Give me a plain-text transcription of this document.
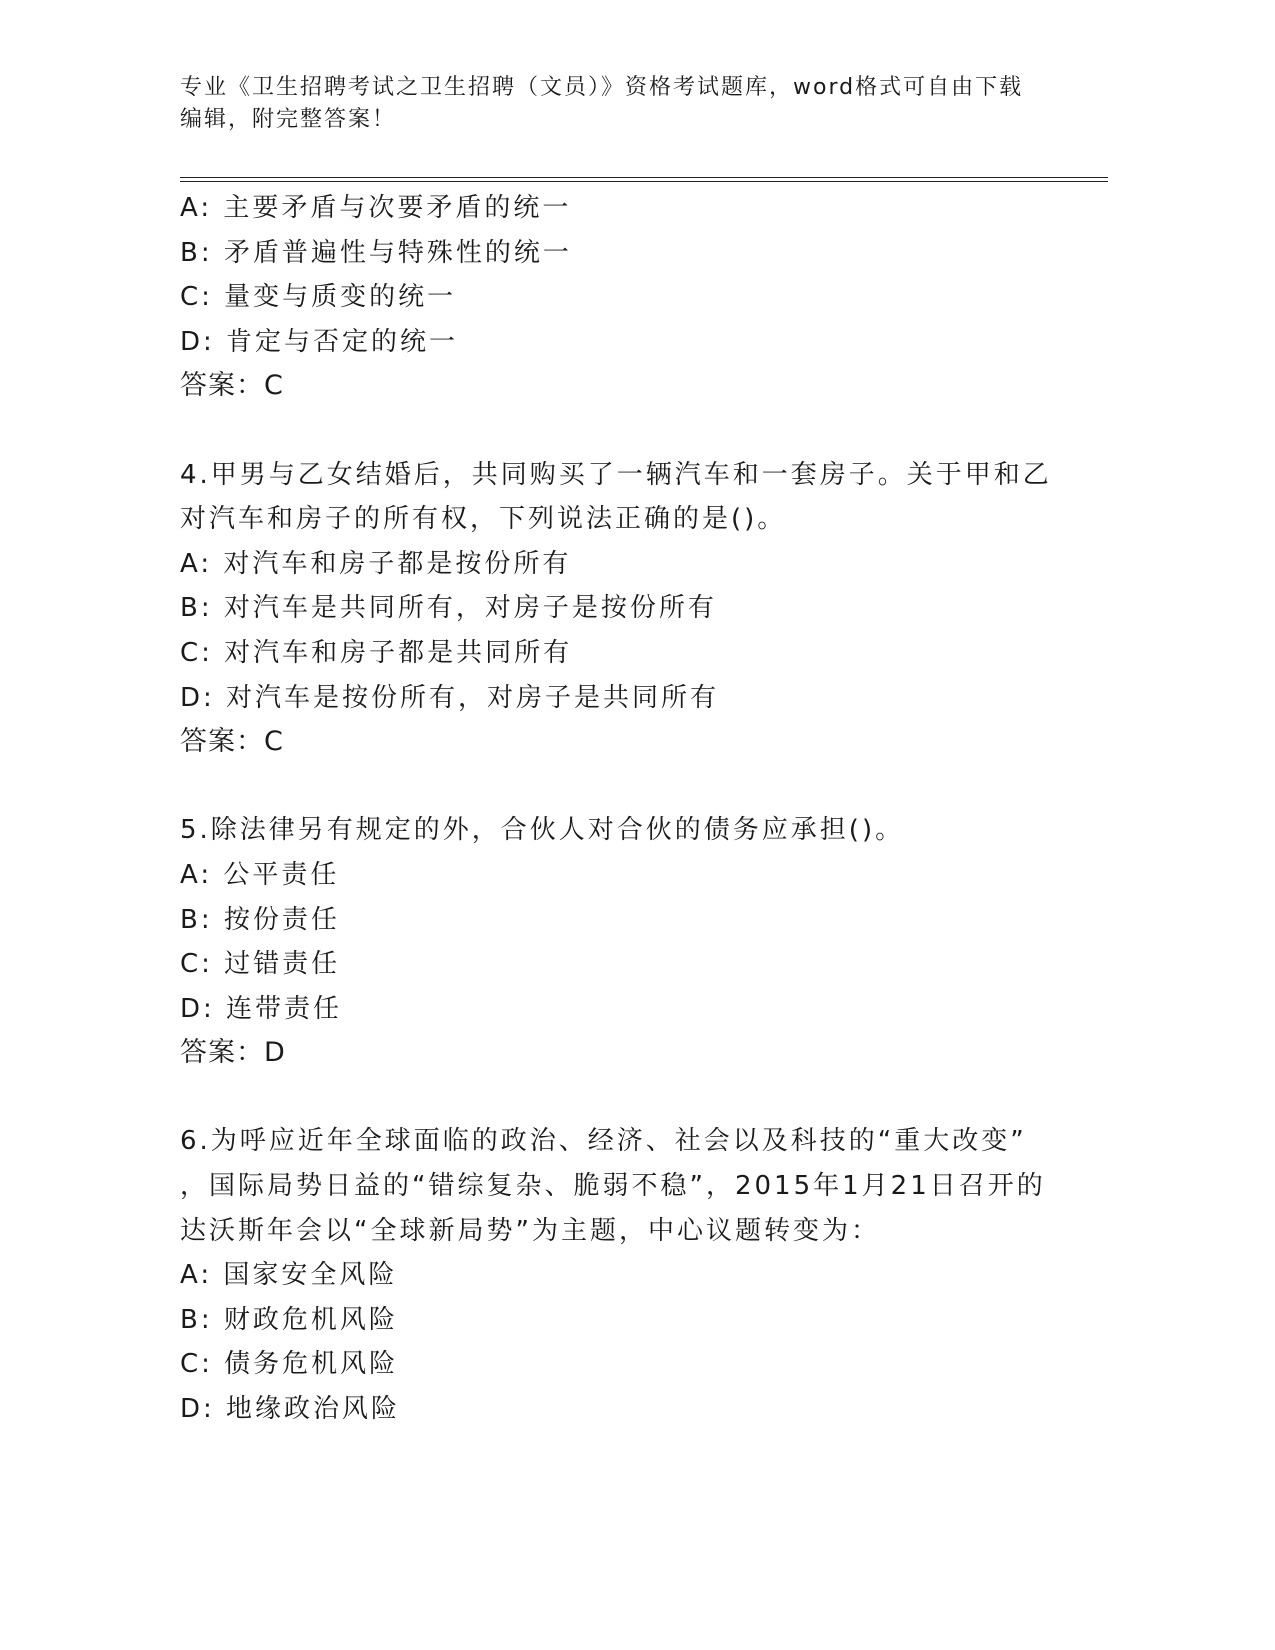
专业《卫生招聘考试之卫生招聘（文员）》资格考试题库，word格式可自由下载
编辑，附完整答案！
A: 主要矛盾与次要矛盾的统一
B: 矛盾普遍性与特殊性的统一
C: 量变与质变的统一
D: 肯定与否定的统一
答案：C
4.甲男与乙女结婚后，共同购买了一辆汽车和一套房子。关于甲和乙
对汽车和房子的所有权，下列说法正确的是()。
A: 对汽车和房子都是按份所有
B: 对汽车是共同所有，对房子是按份所有
C: 对汽车和房子都是共同所有
D: 对汽车是按份所有，对房子是共同所有
答案：C
5.除法律另有规定的外，合伙人对合伙的债务应承担()。
A: 公平责任
B: 按份责任
C: 过错责任
D: 连带责任
答案：D
6.为呼应近年全球面临的政治、经济、社会以及科技的“重大改变”
，国际局势日益的“错综复杂、脆弱不稳”，2015年1月21日召开的
达沃斯年会以“全球新局势”为主题，中心议题转变为：
A: 国家安全风险
B: 财政危机风险
C: 债务危机风险
D: 地缘政治风险
